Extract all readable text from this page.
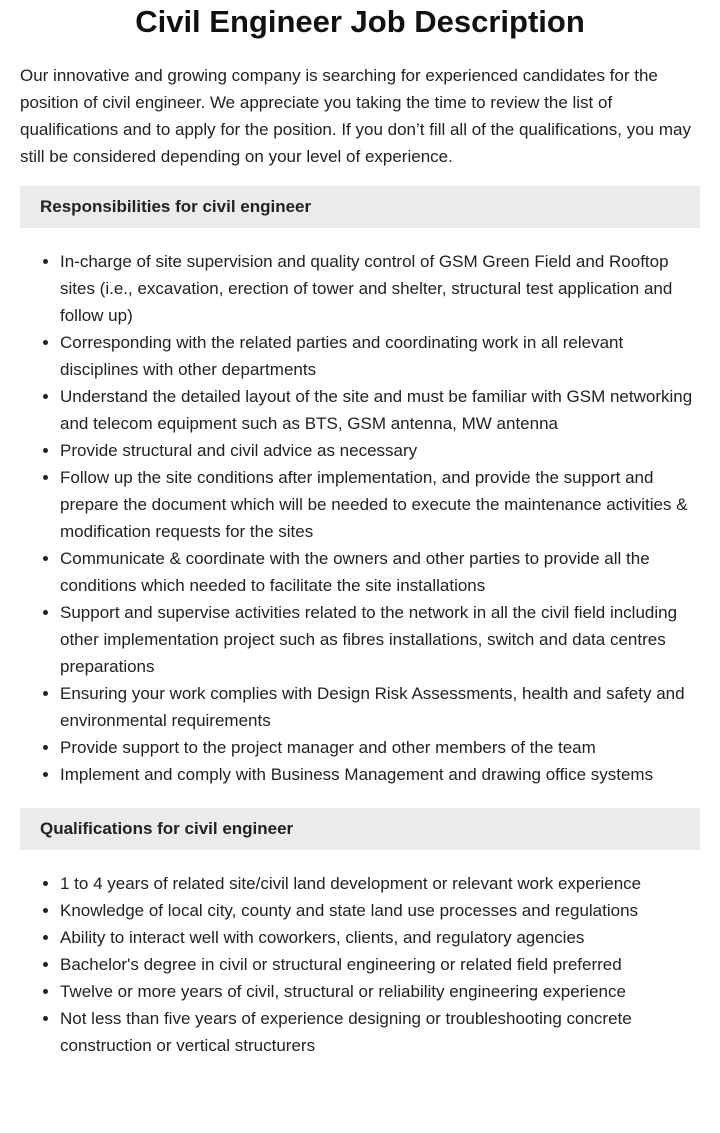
Civil Engineer Job Description

Our innovative and growing company is searching for experienced candidates for the position of civil engineer. We appreciate you taking the time to review the list of qualifications and to apply for the position. If you don’t fill all of the qualifications, you may still be considered depending on your level of experience.

Responsibilities for civil engineer
• In-charge of site supervision and quality control of GSM Green Field and Rooftop sites (i.e., excavation, erection of tower and shelter, structural test application and follow up)
• Corresponding with the related parties and coordinating work in all relevant disciplines with other departments
• Understand the detailed layout of the site and must be familiar with GSM networking and telecom equipment such as BTS, GSM antenna, MW antenna
• Provide structural and civil advice as necessary
• Follow up the site conditions after implementation, and provide the support and prepare the document which will be needed to execute the maintenance activities & modification requests for the sites
• Communicate & coordinate with the owners and other parties to provide all the conditions which needed to facilitate the site installations
• Support and supervise activities related to the network in all the civil field including other implementation project such as fibres installations, switch and data centres preparations
• Ensuring your work complies with Design Risk Assessments, health and safety and environmental requirements
• Provide support to the project manager and other members of the team
• Implement and comply with Business Management and drawing office systems
Qualifications for civil engineer
• 1 to 4 years of related site/civil land development or relevant work experience
• Knowledge of local city, county and state land use processes and regulations
• Ability to interact well with coworkers, clients, and regulatory agencies
• Bachelor's degree in civil or structural engineering or related field preferred
• Twelve or more years of civil, structural or reliability engineering experience
• Not less than five years of experience designing or troubleshooting concrete construction or vertical structurers
